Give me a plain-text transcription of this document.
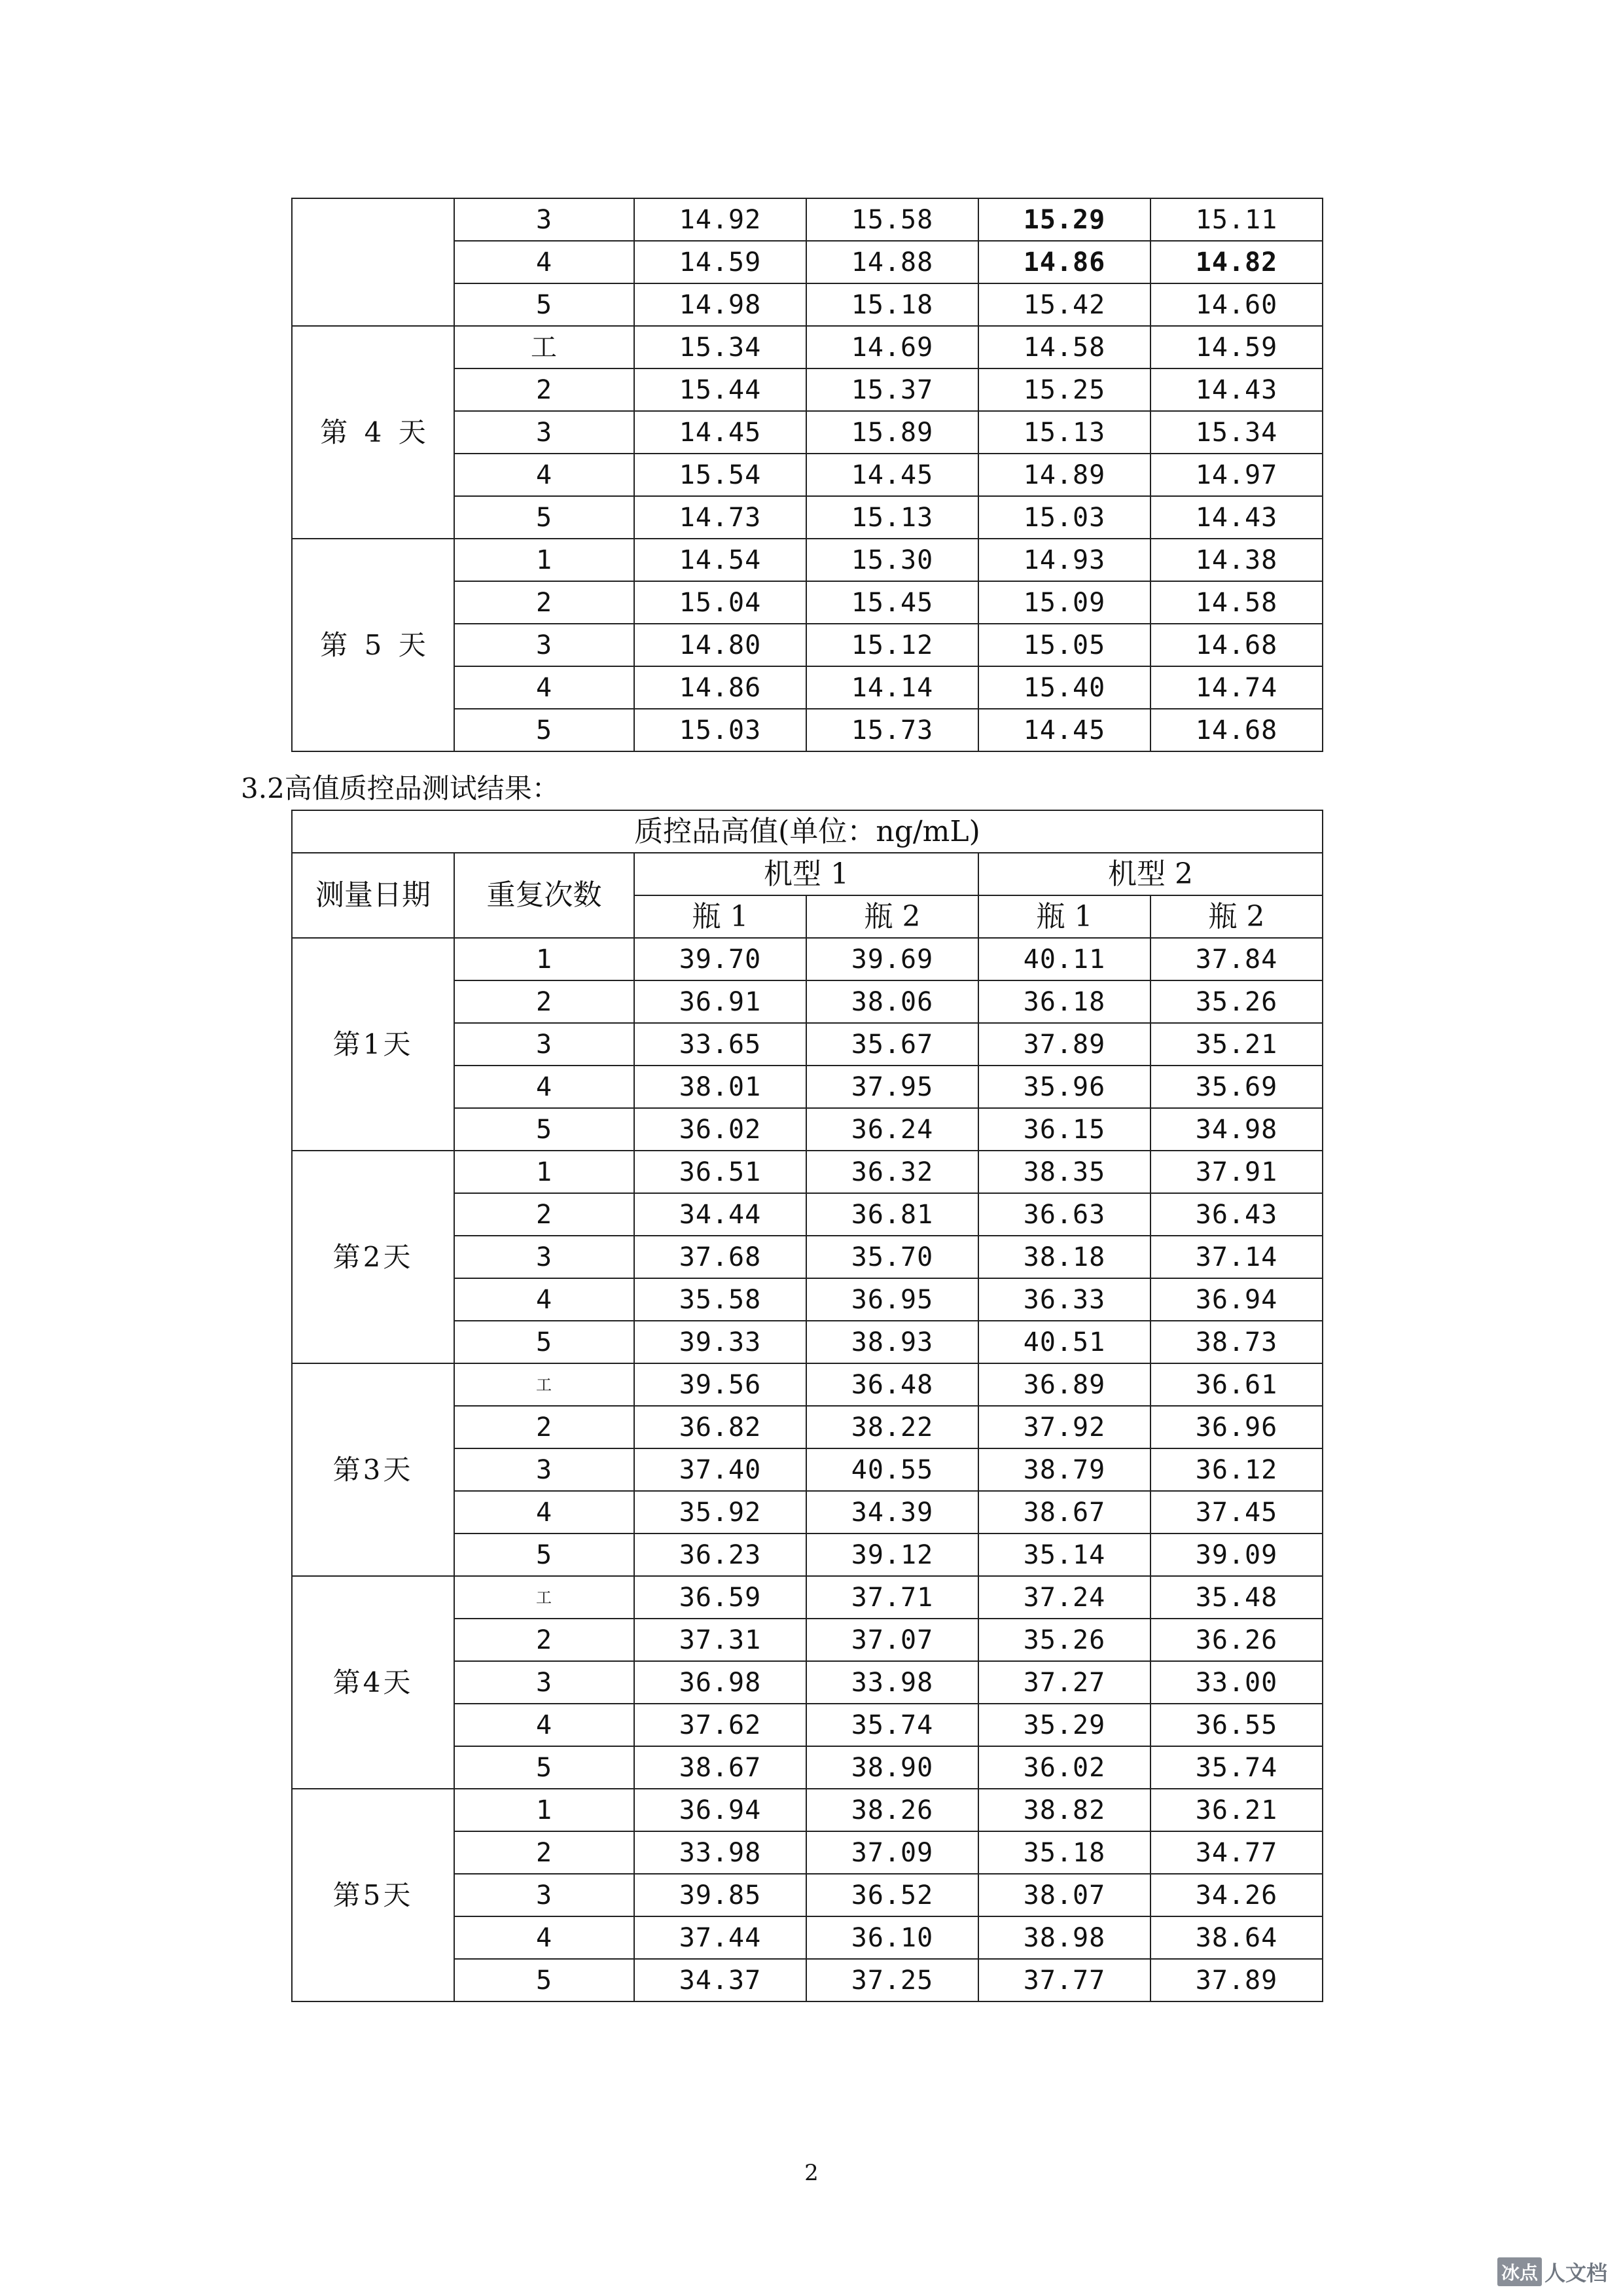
	3	14.92	15.58	15.29	15.11
	4	14.59	14.88	14.86	14.82
	5	14.98	15.18	15.42	14.60
第 4 天	工	15.34	14.69	14.58	14.59
	2	15.44	15.37	15.25	14.43
	3	14.45	15.89	15.13	15.34
	4	15.54	14.45	14.89	14.97
	5	14.73	15.13	15.03	14.43
第 5 天	1	14.54	15.30	14.93	14.38
	2	15.04	15.45	15.09	14.58
	3	14.80	15.12	15.05	14.68
	4	14.86	14.14	15.40	14.74
	5	15.03	15.73	14.45	14.68

3.2高值质控品测试结果：

质控品高值(单位：ng/mL)					
测量日期	重复次数	机型 1		机型 2	
		瓶 1	瓶 2	瓶 1	瓶 2
第1天	1	39.70	39.69	40.11	37.84
	2	36.91	38.06	36.18	35.26
	3	33.65	35.67	37.89	35.21
	4	38.01	37.95	35.96	35.69
	5	36.02	36.24	36.15	34.98
第2天	1	36.51	36.32	38.35	37.91
	2	34.44	36.81	36.63	36.43
	3	37.68	35.70	38.18	37.14
	4	35.58	36.95	36.33	36.94
	5	39.33	38.93	40.51	38.73
第3天	工	39.56	36.48	36.89	36.61
	2	36.82	38.22	37.92	36.96
	3	37.40	40.55	38.79	36.12
	4	35.92	34.39	38.67	37.45
	5	36.23	39.12	35.14	39.09
第4天	工	36.59	37.71	37.24	35.48
	2	37.31	37.07	35.26	36.26
	3	36.98	33.98	37.27	33.00
	4	37.62	35.74	35.29	36.55
	5	38.67	38.90	36.02	35.74
第5天	1	36.94	38.26	38.82	36.21
	2	33.98	37.09	35.18	34.77
	3	39.85	36.52	38.07	34.26
	4	37.44	36.10	38.98	38.64
	5	34.37	37.25	37.77	37.89
2
冰点 人文档
